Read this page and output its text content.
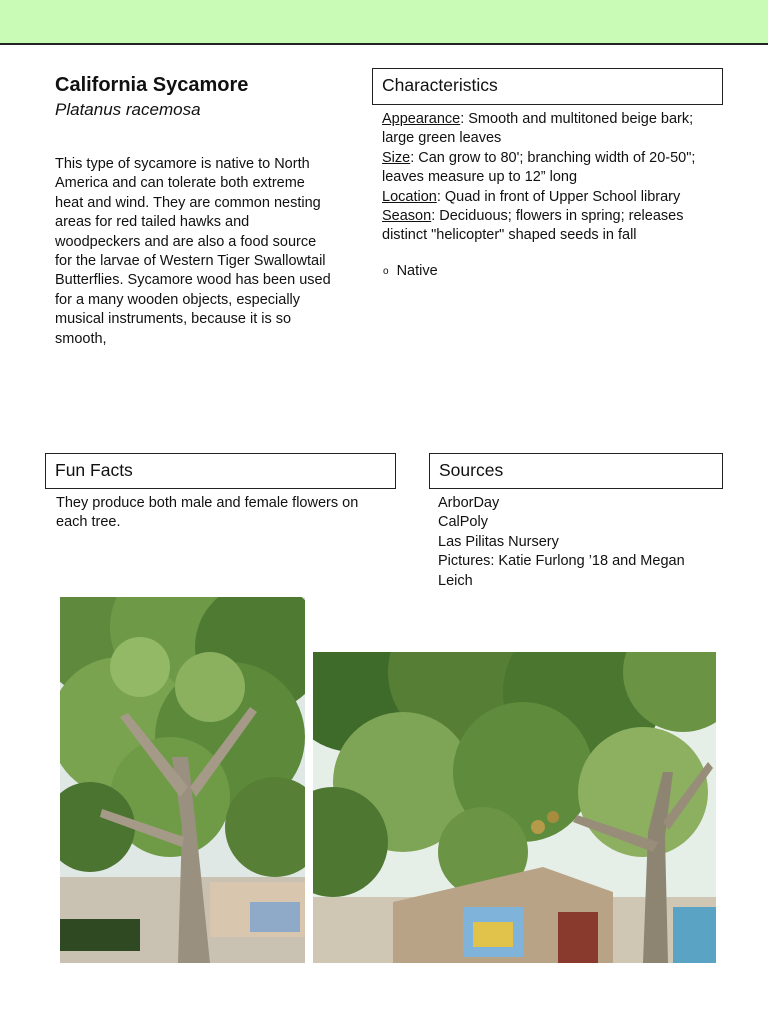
California Sycamore
Platanus racemosa
This type of sycamore is native to North America and can tolerate both extreme heat and wind. They are common nesting areas for red tailed hawks and woodpeckers and are also a food source for the larvae of Western Tiger Swallowtail Butterflies. Sycamore wood has been used for a many wooden objects, especially musical instruments, because it is so smooth,
Characteristics
Appearance: Smooth and multitoned beige bark; large green leaves
Size: Can grow to 80'; branching width of 20-50"; leaves measure up to 12” long
Location: Quad in front of Upper School library
Season: Deciduous; flowers in spring; releases distinct "helicopter" shaped seeds in fall
o Native
Fun Facts
They produce both male and female flowers on each tree.
Sources
ArborDay
CalPoly
Las Pilitas Nursery
Pictures: Katie Furlong ’18 and Megan Leich
